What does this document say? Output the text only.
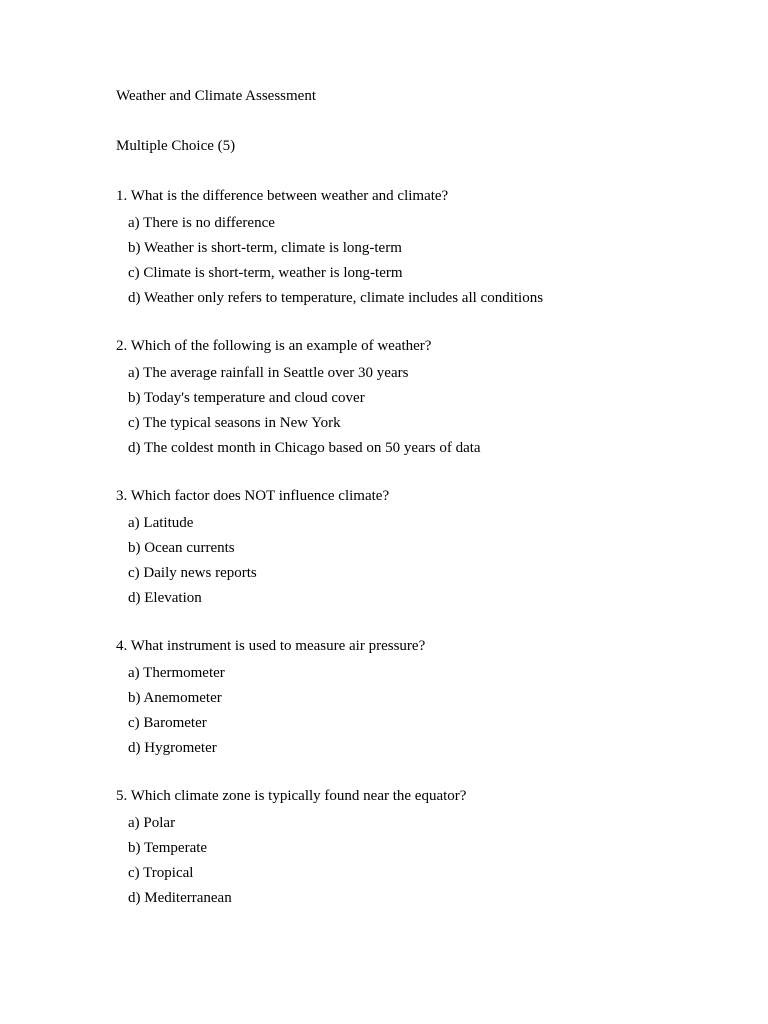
Weather and Climate Assessment
Multiple Choice (5)
1 . What is the difference between weather and climate?
a ) There is no difference
b ) Weather is short-term, climate is long-term
c ) Climate is short-term, weather is long-term
d ) Weather only refers to temperature, climate includes all conditions
2 . Which of the following is an example of weather?
a ) The average rainfall in Seattle over 30 years
b ) Today's temperature and cloud cover
c ) The typical seasons in New York
d ) The coldest month in Chicago based on 50 years of data
3 . Which factor does NOT influence climate?
a ) Latitude
b ) Ocean currents
c ) Daily news reports
d ) Elevation
4 . What instrument is used to measure air pressure?
a ) Thermometer
b ) Anemometer
c ) Barometer
d ) Hygrometer
5 . Which climate zone is typically found near the equator?
a ) Polar
b ) Temperate
c ) Tropical
d ) Mediterranean
